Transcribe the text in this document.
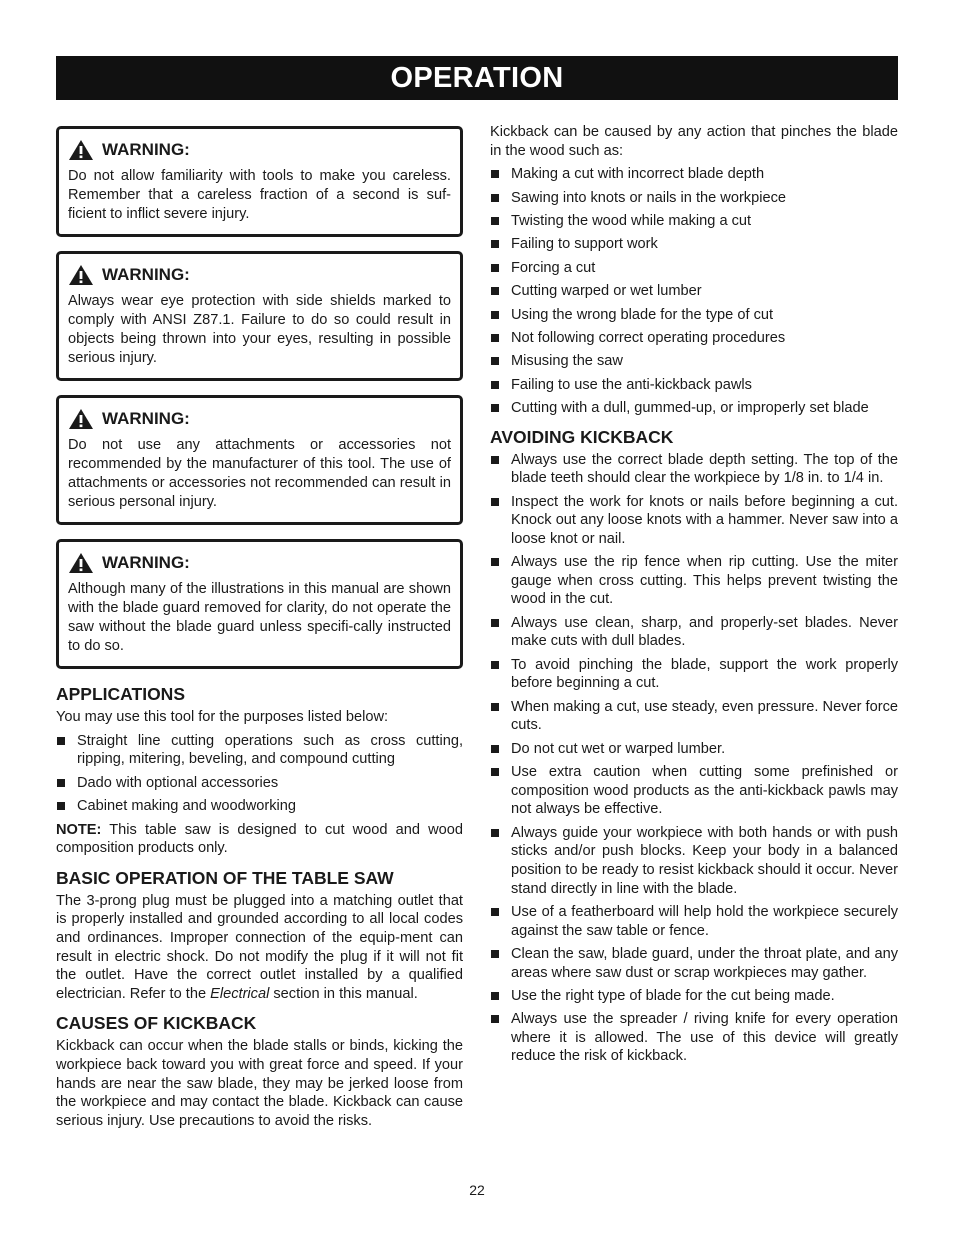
OPERATION
WARNING:
Do not allow familiarity with tools to make you careless. Remember that a careless fraction of a second is suf-ficient to inflict severe injury.
WARNING:
Always wear eye protection with side shields marked to comply with ANSI Z87.1. Failure to do so could result in objects being thrown into your eyes, resulting in possible serious injury.
WARNING:
Do not use any attachments or accessories not recommended by the manufacturer of this tool. The use of attachments or accessories not recommended can result in serious personal injury.
WARNING:
Although many of the illustrations in this manual are shown with the blade guard removed for clarity, do not operate the saw without the blade guard unless specifi-cally instructed to do so.
APPLICATIONS
You may use this tool for the purposes listed below:
Straight line cutting operations such as cross cutting, ripping, mitering, beveling, and compound cutting
Dado with optional accessories
Cabinet making and woodworking
NOTE: This table saw is designed to cut wood and wood composition products only.
BASIC OPERATION OF THE TABLE SAW
The 3-prong plug must be plugged into a matching outlet that is properly installed and grounded according to all local codes and ordinances. Improper connection of the equip-ment can result in electric shock. Do not modify the plug if it will not fit the outlet. Have the correct outlet installed by a qualified electrician. Refer to the Electrical section in this manual.
CAUSES OF KICKBACK
Kickback can occur when the blade stalls or binds, kicking the workpiece back toward you with great force and speed. If your hands are near the saw blade, they may be jerked loose from the workpiece and may contact the blade. Kickback can cause serious injury. Use precautions to avoid the risks.
Kickback can be caused by any action that pinches the blade in the wood such as:
Making a cut with incorrect blade depth
Sawing into knots or nails in the workpiece
Twisting the wood while making a cut
Failing to support work
Forcing a cut
Cutting warped or wet lumber
Using the wrong blade for the type of cut
Not following correct operating procedures
Misusing the saw
Failing to use the anti-kickback pawls
Cutting with a dull, gummed-up, or improperly set blade
AVOIDING KICKBACK
Always use the correct blade depth setting. The top of the blade teeth should clear the workpiece by 1/8 in. to 1/4 in.
Inspect the work for knots or nails before beginning a cut. Knock out any loose knots with a hammer. Never saw into a loose knot or nail.
Always use the rip fence when rip cutting. Use the miter gauge when cross cutting. This helps prevent twisting the wood in the cut.
Always use clean, sharp, and properly-set blades. Never make cuts with dull blades.
To avoid pinching the blade, support the work properly before beginning a cut.
When making a cut, use steady, even pressure. Never force cuts.
Do not cut wet or warped lumber.
Use extra caution when cutting some prefinished or composition wood products as the anti-kickback pawls may not always be effective.
Always guide your workpiece with both hands or with push sticks and/or push blocks. Keep your body in a balanced position to be ready to resist kickback should it occur. Never stand directly in line with the blade.
Use of a featherboard will help hold the workpiece securely against the saw table or fence.
Clean the saw, blade guard, under the throat plate, and any areas where saw dust or scrap workpieces may gather.
Use the right type of blade for the cut being made.
Always use the spreader / riving knife for every operation where it is allowed. The use of this device will greatly reduce the risk of kickback.
22
